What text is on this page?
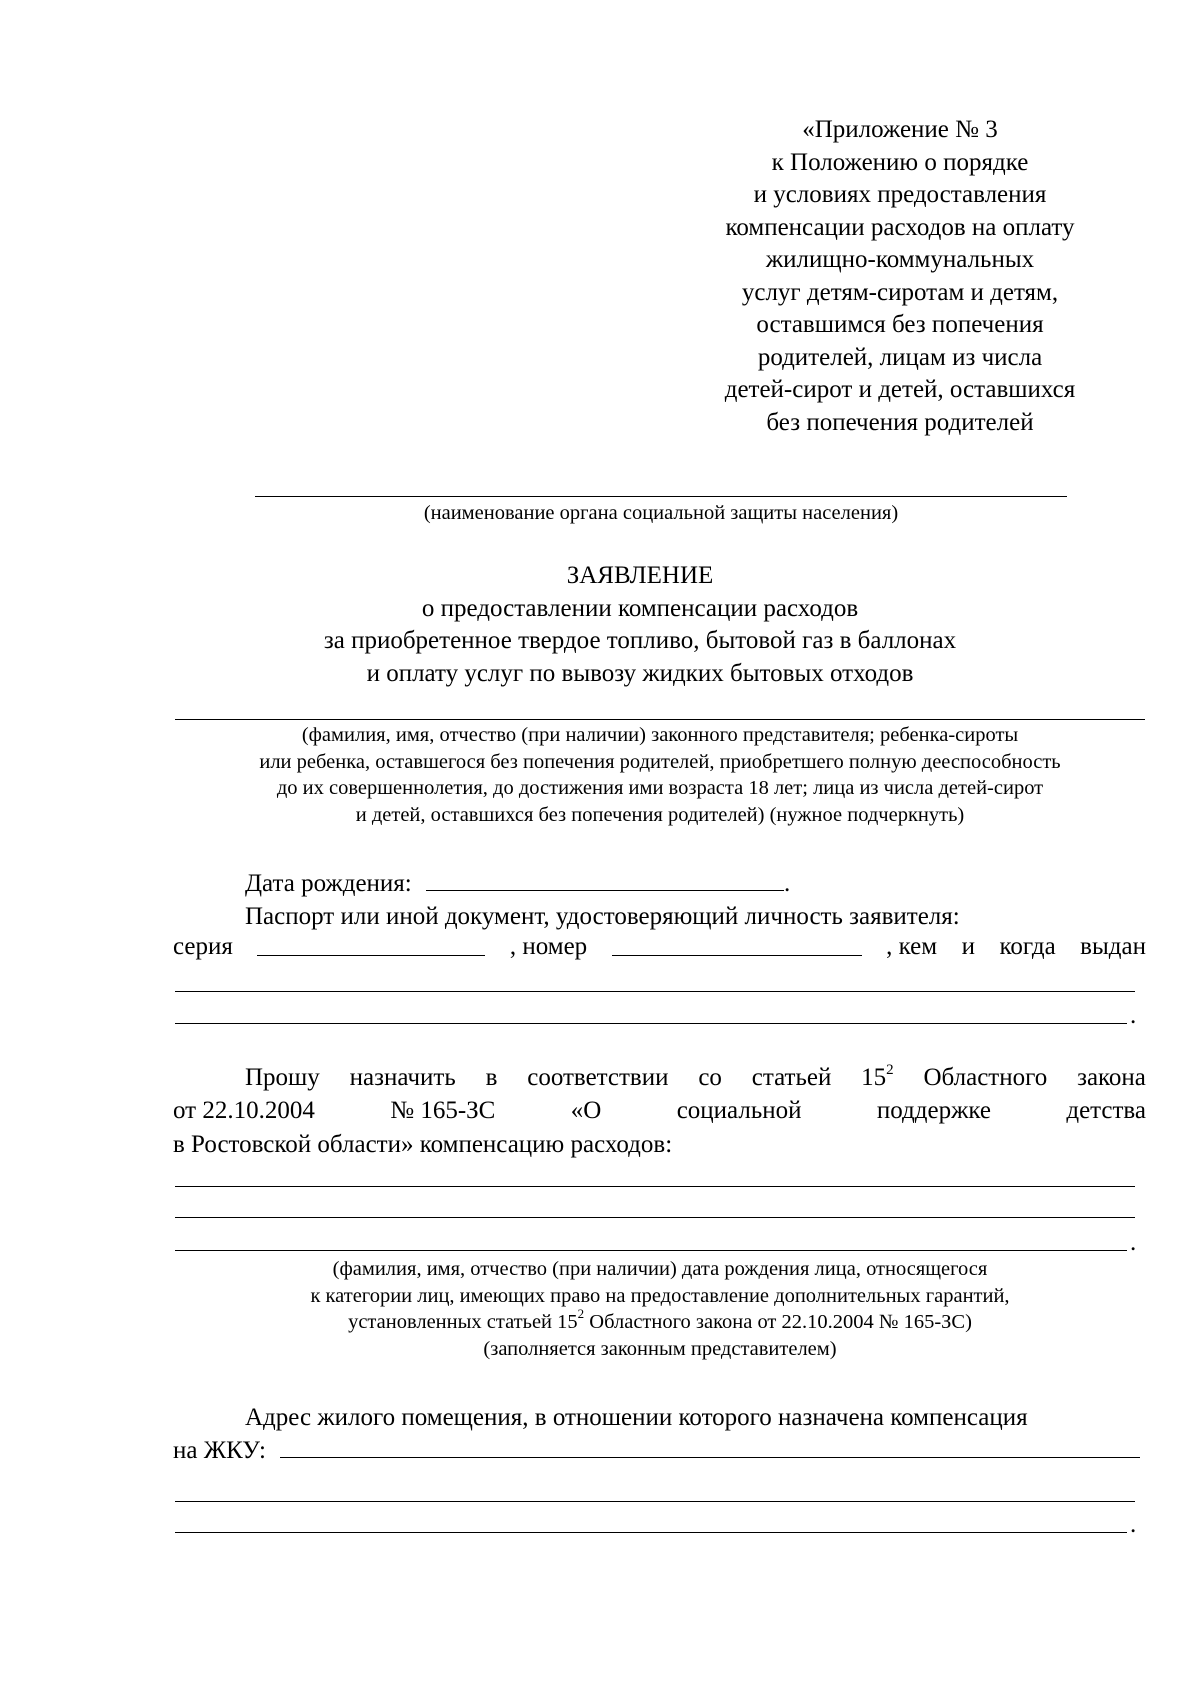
«Приложение № 3
к Положению о порядке
и условиях предоставления
компенсации расходов на оплату
жилищно-коммунальных
услуг детям-сиротам и детям,
оставшимся без попечения
родителей, лицам из числа
детей-сирот и детей, оставшихся
без попечения родителей
(наименование органа социальной защиты населения)
ЗАЯВЛЕНИЕ
о предоставлении компенсации расходов
за приобретенное твердое топливо, бытовой газ в баллонах
и оплату услуг по вывозу жидких бытовых отходов
(фамилия, имя, отчество (при наличии) законного представителя; ребенка-сироты
или ребенка, оставшегося без попечения родителей, приобретшего полную дееспособность
до их совершеннолетия, до достижения ими возраста 18 лет; лица из числа детей-сирот
и детей, оставшихся без попечения родителей) (нужное подчеркнуть)
Дата рождения:	.
Паспорт или иной документ, удостоверяющий личность заявителя:
серия	, номер	, кем и когда выдан
.
Прошу назначить в соответствии со статьей $15^2$ Областного закона
от 22.10.2004	№ 165-ЗС	«О	социальной	поддержке	детства
в Ростовской области» компенсацию расходов:
.
(фамилия, имя, отчество (при наличии) дата рождения лица, относящегося
к категории лиц, имеющих право на предоставление дополнительных гарантий,
установленных статьей $15^2$ Областного закона от 22.10.2004 № 165-ЗС)
(заполняется законным представителем)
Адрес жилого помещения, в отношении которого назначена компенсация
на ЖКУ:
.
